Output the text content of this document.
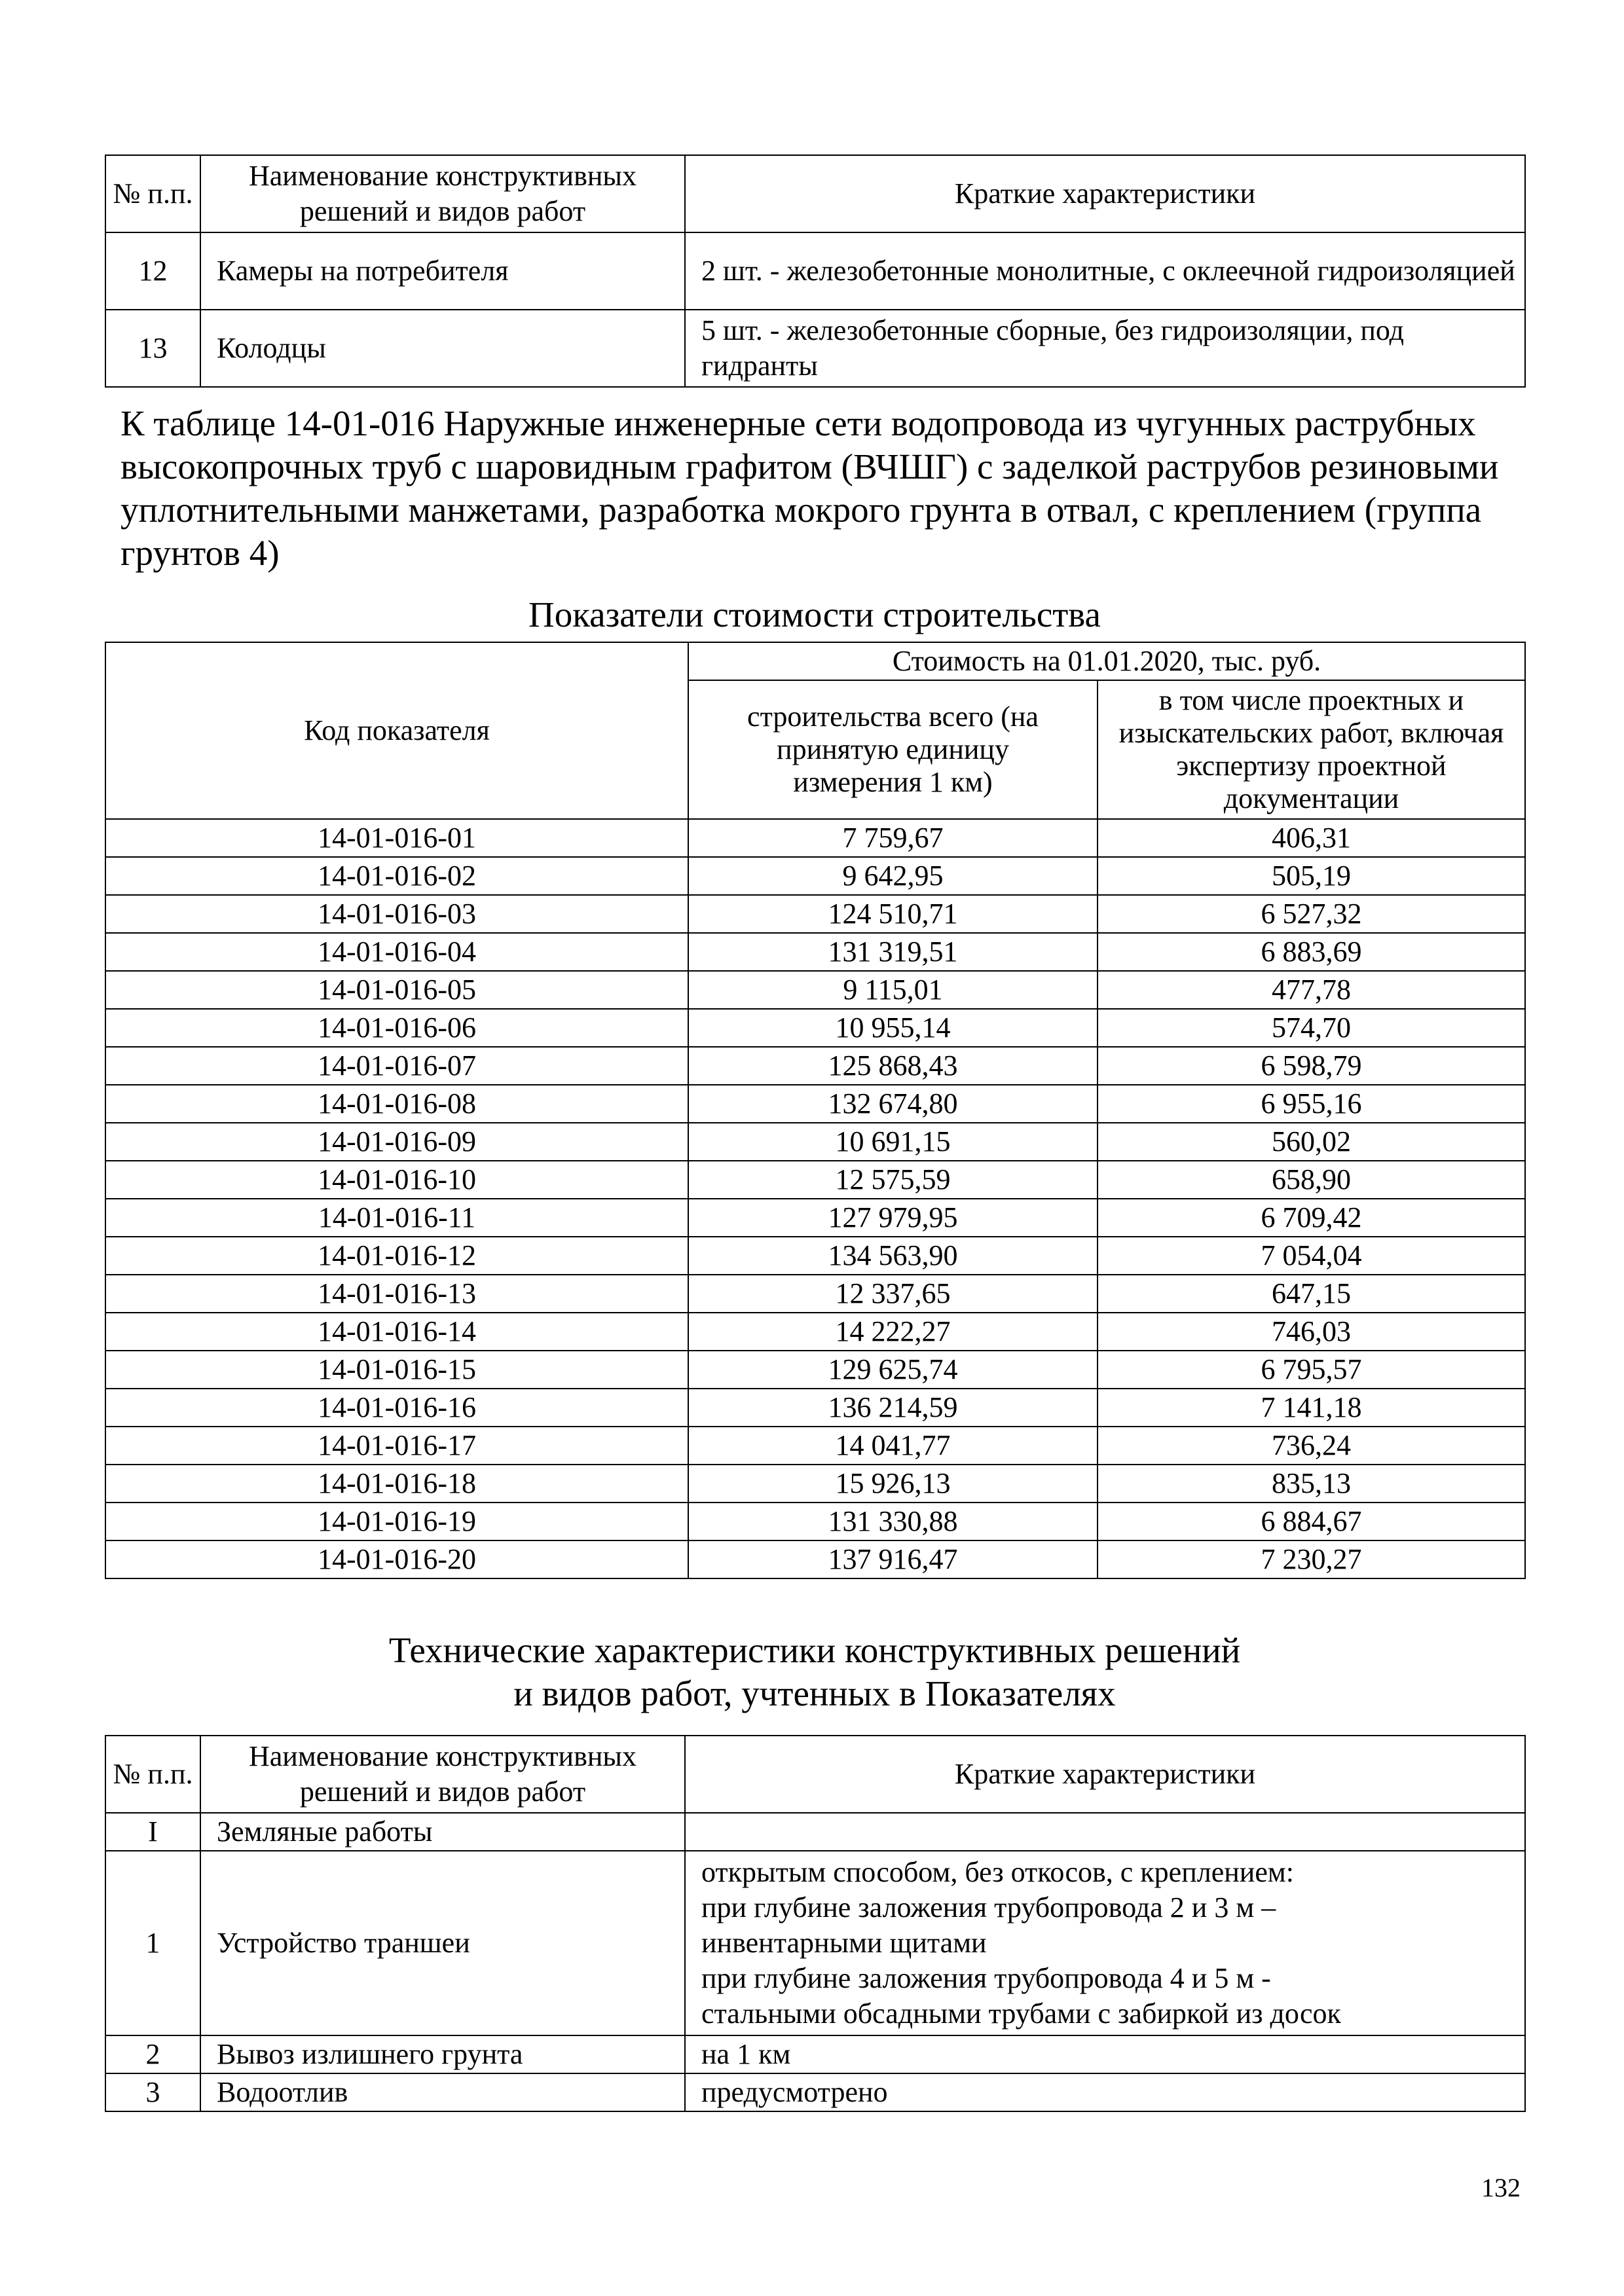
№ п.п.	Наименование конструктивных решений и видов работ	Краткие характеристики
12	Камеры на потребителя	2 шт. - железобетонные монолитные, с оклеечной гидроизоляцией
13	Колодцы	5 шт. - железобетонные сборные, без гидроизоляции, под гидранты
К таблице 14-01-016 Наружные инженерные сети водопровода из чугунных раструбных высокопрочных труб с шаровидным графитом (ВЧШГ) с заделкой раструбов резиновыми уплотнительными манжетами, разработка мокрого грунта в отвал, с креплением (группа грунтов 4)
Показатели стоимости строительства
Код показателя	Стоимость на 01.01.2020, тыс. руб.	
	строительства всего (на принятую единицу измерения 1 км)	в том числе проектных и изыскательских работ, включая экспертизу проектной документации
14-01-016-01	7 759,67	406,31
14-01-016-02	9 642,95	505,19
14-01-016-03	124 510,71	6 527,32
14-01-016-04	131 319,51	6 883,69
14-01-016-05	9 115,01	477,78
14-01-016-06	10 955,14	574,70
14-01-016-07	125 868,43	6 598,79
14-01-016-08	132 674,80	6 955,16
14-01-016-09	10 691,15	560,02
14-01-016-10	12 575,59	658,90
14-01-016-11	127 979,95	6 709,42
14-01-016-12	134 563,90	7 054,04
14-01-016-13	12 337,65	647,15
14-01-016-14	14 222,27	746,03
14-01-016-15	129 625,74	6 795,57
14-01-016-16	136 214,59	7 141,18
14-01-016-17	14 041,77	736,24
14-01-016-18	15 926,13	835,13
14-01-016-19	131 330,88	6 884,67
14-01-016-20	137 916,47	7 230,27
Технические характеристики конструктивных решений
и видов работ, учтенных в Показателях
№ п.п.	Наименование конструктивных решений и видов работ	Краткие характеристики
I	Земляные работы	
1	Устройство траншеи	открытым способом, без откосов, с креплением:
при глубине заложения трубопровода 2 и 3 м –
инвентарными щитами
при глубине заложения трубопровода 4 и 5 м -
стальными обсадными трубами с забиркой из досок

2	Вывоз излишнего грунта	на 1 км
3	Водоотлив	предусмотрено
132
